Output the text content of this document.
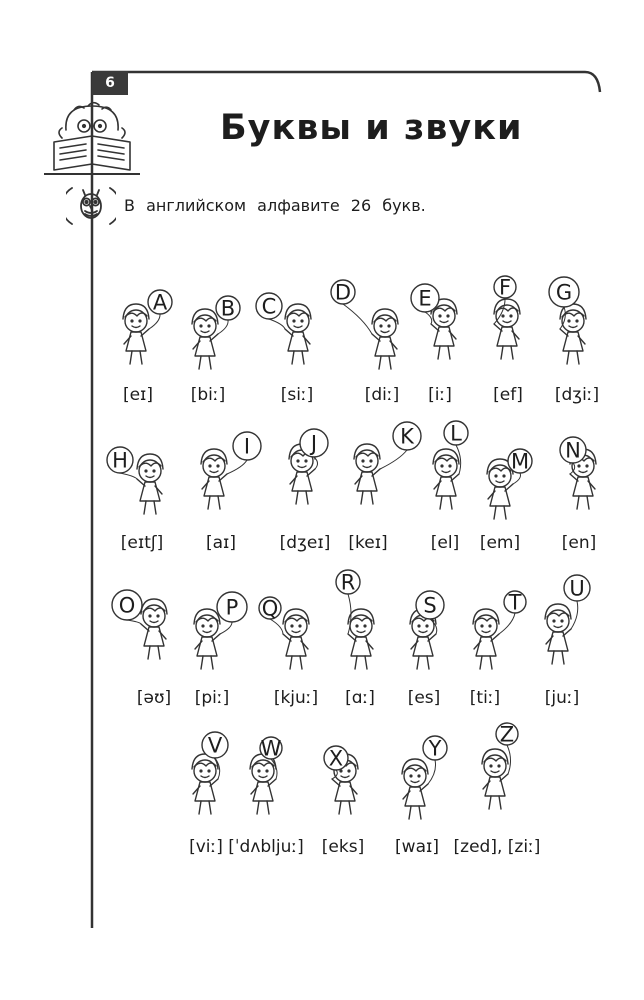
6
Буквы и звуки
В английском алфавите 26 букв.
A
[eɪ]
B
[biː]
C
[siː]
D
[diː]
E
[iː]
F
[ef]
G
[dʒiː]
H
[eɪtʃ]
I
[aɪ]
J
[dʒeɪ]
K
[keɪ]
L
[el]
M
[em]
N
[en]
O
[əʊ]
P
[piː]
Q
[kjuː]
R
[ɑː]
S
[es]
T
[tiː]
U
[juː]
V
[viː]
W
[ˈdʌbljuː]
X
[eks]
Y
[waɪ]
Z
[zed], [ziː]
